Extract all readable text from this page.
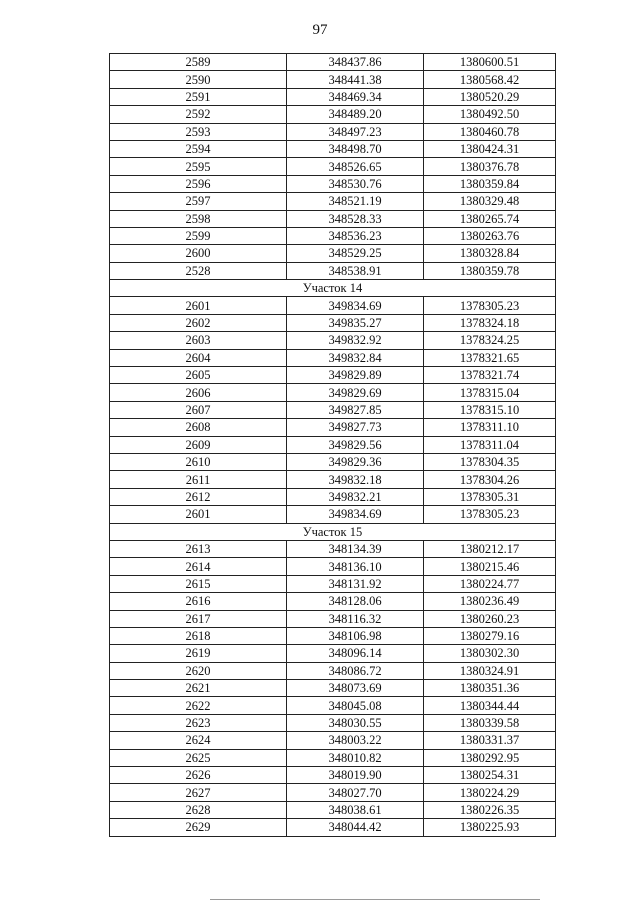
97
2589	348437.86	1380600.51
2590	348441.38	1380568.42
2591	348469.34	1380520.29
2592	348489.20	1380492.50
2593	348497.23	1380460.78
2594	348498.70	1380424.31
2595	348526.65	1380376.78
2596	348530.76	1380359.84
2597	348521.19	1380329.48
2598	348528.33	1380265.74
2599	348536.23	1380263.76
2600	348529.25	1380328.84
2528	348538.91	1380359.78
Участок 14		
2601	349834.69	1378305.23
2602	349835.27	1378324.18
2603	349832.92	1378324.25
2604	349832.84	1378321.65
2605	349829.89	1378321.74
2606	349829.69	1378315.04
2607	349827.85	1378315.10
2608	349827.73	1378311.10
2609	349829.56	1378311.04
2610	349829.36	1378304.35
2611	349832.18	1378304.26
2612	349832.21	1378305.31
2601	349834.69	1378305.23
Участок 15		
2613	348134.39	1380212.17
2614	348136.10	1380215.46
2615	348131.92	1380224.77
2616	348128.06	1380236.49
2617	348116.32	1380260.23
2618	348106.98	1380279.16
2619	348096.14	1380302.30
2620	348086.72	1380324.91
2621	348073.69	1380351.36
2622	348045.08	1380344.44
2623	348030.55	1380339.58
2624	348003.22	1380331.37
2625	348010.82	1380292.95
2626	348019.90	1380254.31
2627	348027.70	1380224.29
2628	348038.61	1380226.35
2629	348044.42	1380225.93
